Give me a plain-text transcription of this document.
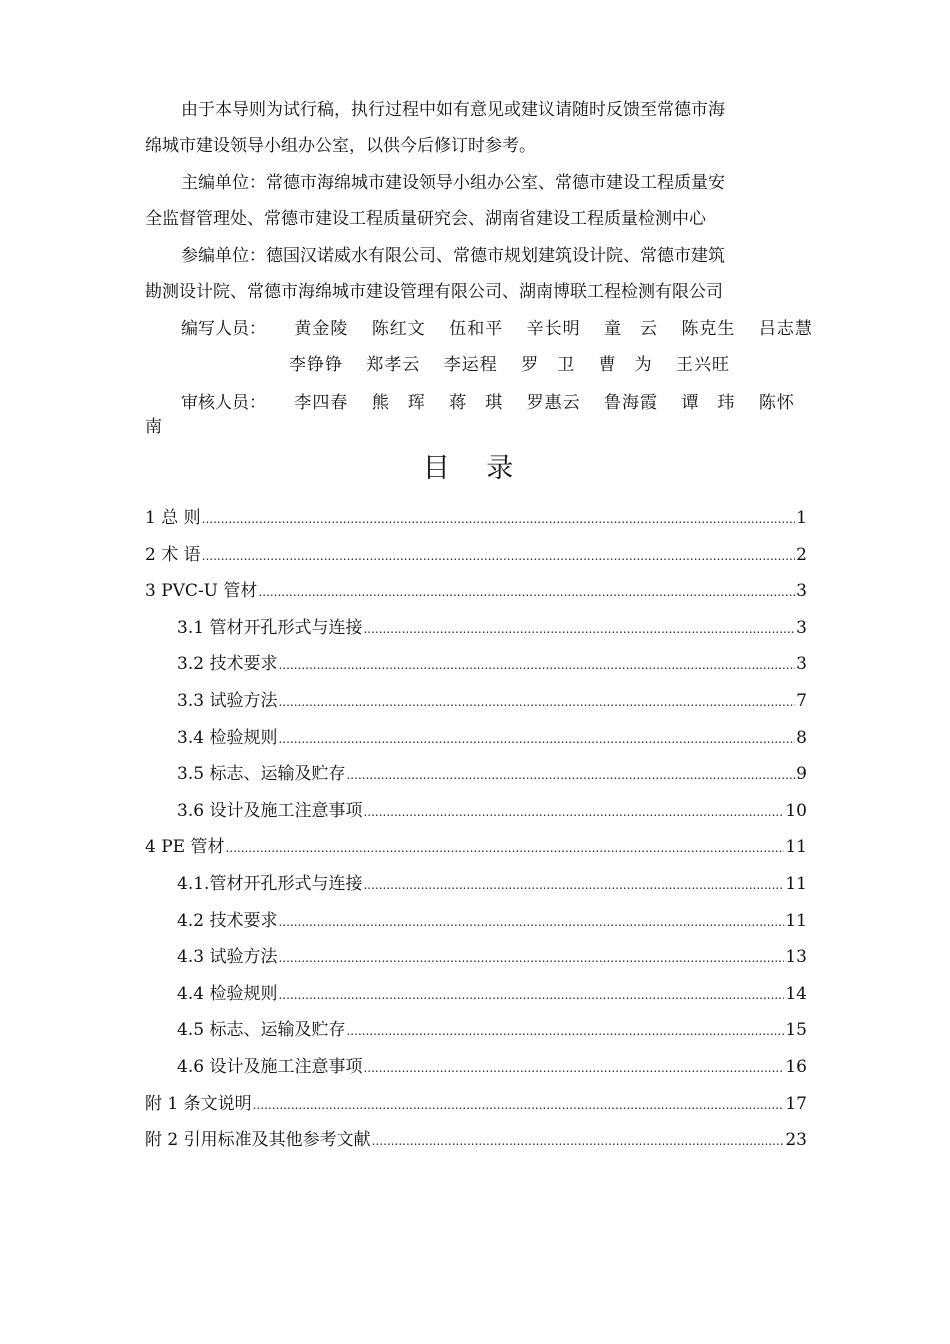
由于本导则为试行稿，执行过程中如有意见或建议请随时反馈至常德市海
绵城市建设领导小组办公室，以供今后修订时参考。

主编单位：常德市海绵城市建设领导小组办公室、常德市建设工程质量安
全监督管理处、常德市建设工程质量研究会、湖南省建设工程质量检测中心

参编单位：德国汉诺威水有限公司、常德市规划建筑设计院、常德市建筑
勘测设计院、常德市海绵城市建设管理有限公司、湖南博联工程检测有限公司

编写人员： 黄金陵 陈红文 伍和平 辛长明 童　云 陈克生 吕志慧
李铮铮 郑孝云 李运程 罗　卫 曹　为 王兴旺
审核人员： 李四春 熊　珲 蒋　琪 罗惠云 鲁海霞 谭　玮 陈怀
南
目 录
1 总 则 .....	1
2 术 语 .....	2
3 PVC-U 管材 .....	3
3.1 管材开孔形式与连接 .....	3
3.2 技术要求 .....	3
3.3 试验方法 .....	7
3.4 检验规则 .....	8
3.5 标志、运输及贮存 .....	9
3.6 设计及施工注意事项 .....	10
4 PE 管材 .....	11
4.1.管材开孔形式与连接 .....	11
4.2 技术要求 .....	11
4.3 试验方法 .....	13
4.4 检验规则 .....	14
4.5 标志、运输及贮存 .....	15
4.6 设计及施工注意事项 .....	16
附 1 条文说明 .....	17
附 2 引用标准及其他参考文献 .....	23
